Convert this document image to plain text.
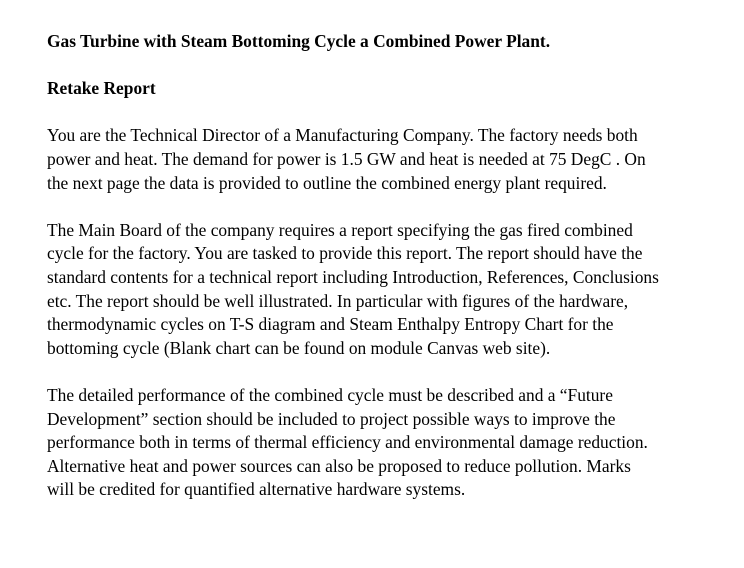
Gas Turbine with Steam Bottoming Cycle a Combined Power Plant.
Retake Report
You are the Technical Director of a Manufacturing Company. The factory needs both
power and heat. The demand for power is 1.5 GW and heat is needed at 75 DegC . On
the next page the data is provided to outline the combined energy plant required.
The Main Board of the company requires a report specifying the gas fired combined
cycle for the factory. You are tasked to provide this report. The report should have the
standard contents for a technical report including Introduction, References, Conclusions
etc. The report should be well illustrated. In particular with figures of the hardware,
thermodynamic cycles on T-S diagram and Steam Enthalpy Entropy Chart for the
bottoming cycle (Blank chart can be found on module Canvas web site).
The detailed performance of the combined cycle must be described and a “Future
Development” section should be included to project possible ways to improve the
performance both in terms of thermal efficiency and environmental damage reduction.
Alternative heat and power sources can also be proposed to reduce pollution. Marks
will be credited for quantified alternative hardware systems.
